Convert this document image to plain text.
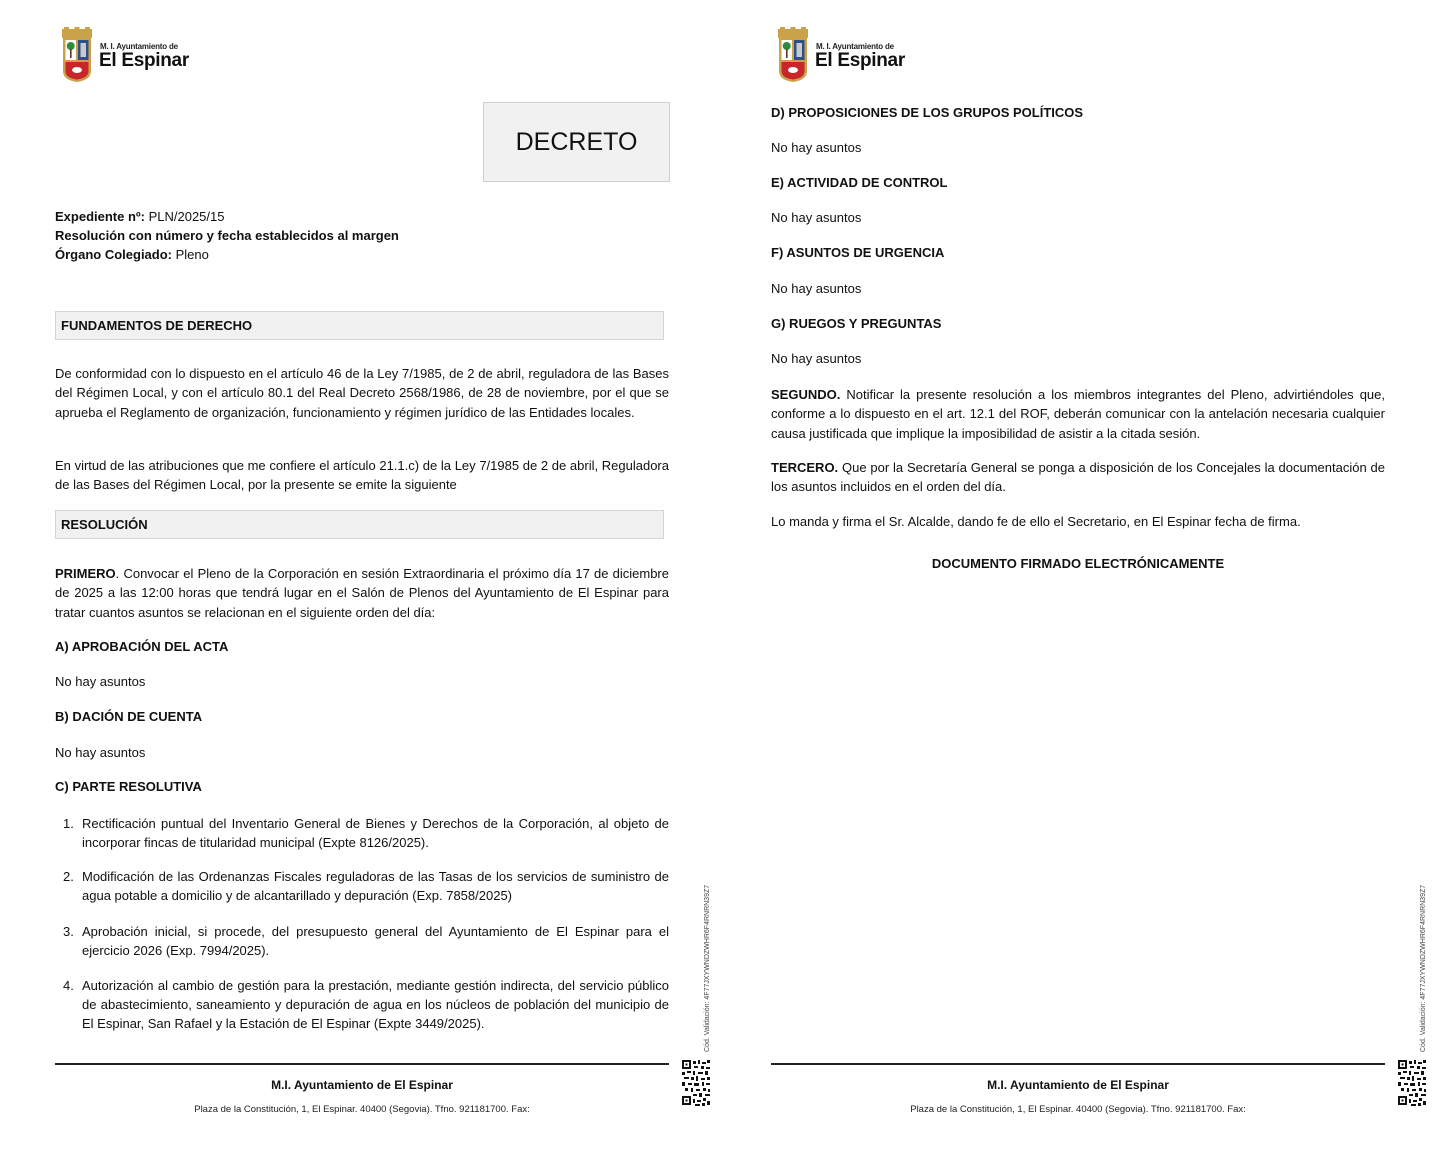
M. I. Ayuntamiento de
El Espinar
DECRETO
Expediente nº: PLN/2025/15
Resolución con número y fecha establecidos al margen
Órgano Colegiado: Pleno
FUNDAMENTOS DE DERECHO
De conformidad con lo dispuesto en el artículo 46 de la Ley 7/1985, de 2 de abril, reguladora de las Bases del Régimen Local, y con el artículo 80.1 del Real Decreto 2568/1986, de 28 de noviembre, por el que se aprueba el Reglamento de organización, funcionamiento y régimen jurídico de las Entidades locales.
En virtud de las atribuciones que me confiere el artículo 21.1.c) de la Ley 7/1985 de 2 de abril, Reguladora de las Bases del Régimen Local, por la presente se emite la siguiente
RESOLUCIÓN
PRIMERO. Convocar el Pleno de la Corporación en sesión Extraordinaria el próximo día 17 de diciembre de 2025 a las 12:00 horas que tendrá lugar en el Salón de Plenos del Ayuntamiento de El Espinar para tratar cuantos asuntos se relacionan en el siguiente orden del día:
A) APROBACIÓN DEL ACTA
No hay asuntos
B) DACIÓN DE CUENTA
No hay asuntos
C) PARTE RESOLUTIVA
1. Rectificación puntual del Inventario General de Bienes y Derechos de la Corporación, al objeto de incorporar fincas de titularidad municipal (Expte 8126/2025).
2. Modificación de las Ordenanzas Fiscales reguladoras de las Tasas de los servicios de suministro de agua potable a domicilio y de alcantarillado y depuración (Exp. 7858/2025)
3. Aprobación inicial, si procede, del presupuesto general del Ayuntamiento de El Espinar para el ejercicio 2026 (Exp. 7994/2025).
4. Autorización al cambio de gestión para la prestación, mediante gestión indirecta, del servicio público de abastecimiento, saneamiento y depuración de agua en los núcleos de población del municipio de El Espinar, San Rafael y la Estación de El Espinar (Expte 3449/2025).
M.I. Ayuntamiento de El Espinar
Plaza de la Constitución, 1, El Espinar. 40400 (Segovia). Tfno. 921181700. Fax:
Cód. Validación: 4F77JXYWNDZWHR6F4RNRN39Z7
M. I. Ayuntamiento de
El Espinar
D) PROPOSICIONES DE LOS GRUPOS POLÍTICOS
No hay asuntos
E) ACTIVIDAD DE CONTROL
No hay asuntos
F) ASUNTOS DE URGENCIA
No hay asuntos
G) RUEGOS Y PREGUNTAS
No hay asuntos
SEGUNDO. Notificar la presente resolución a los miembros integrantes del Pleno, advirtiéndoles que, conforme a lo dispuesto en el art. 12.1 del ROF, deberán comunicar con la antelación necesaria cualquier causa justificada que implique la imposibilidad de asistir a la citada sesión.
TERCERO. Que por la Secretaría General se ponga a disposición de los Concejales la documentación de los asuntos incluidos en el orden del día.
Lo manda y firma el Sr. Alcalde, dando fe de ello el Secretario, en El Espinar fecha de firma.
DOCUMENTO FIRMADO ELECTRÓNICAMENTE
M.I. Ayuntamiento de El Espinar
Plaza de la Constitución, 1, El Espinar. 40400 (Segovia). Tfno. 921181700. Fax:
Cód. Validación: 4F77JXYWNDZWHR6F4RNRN39Z7
